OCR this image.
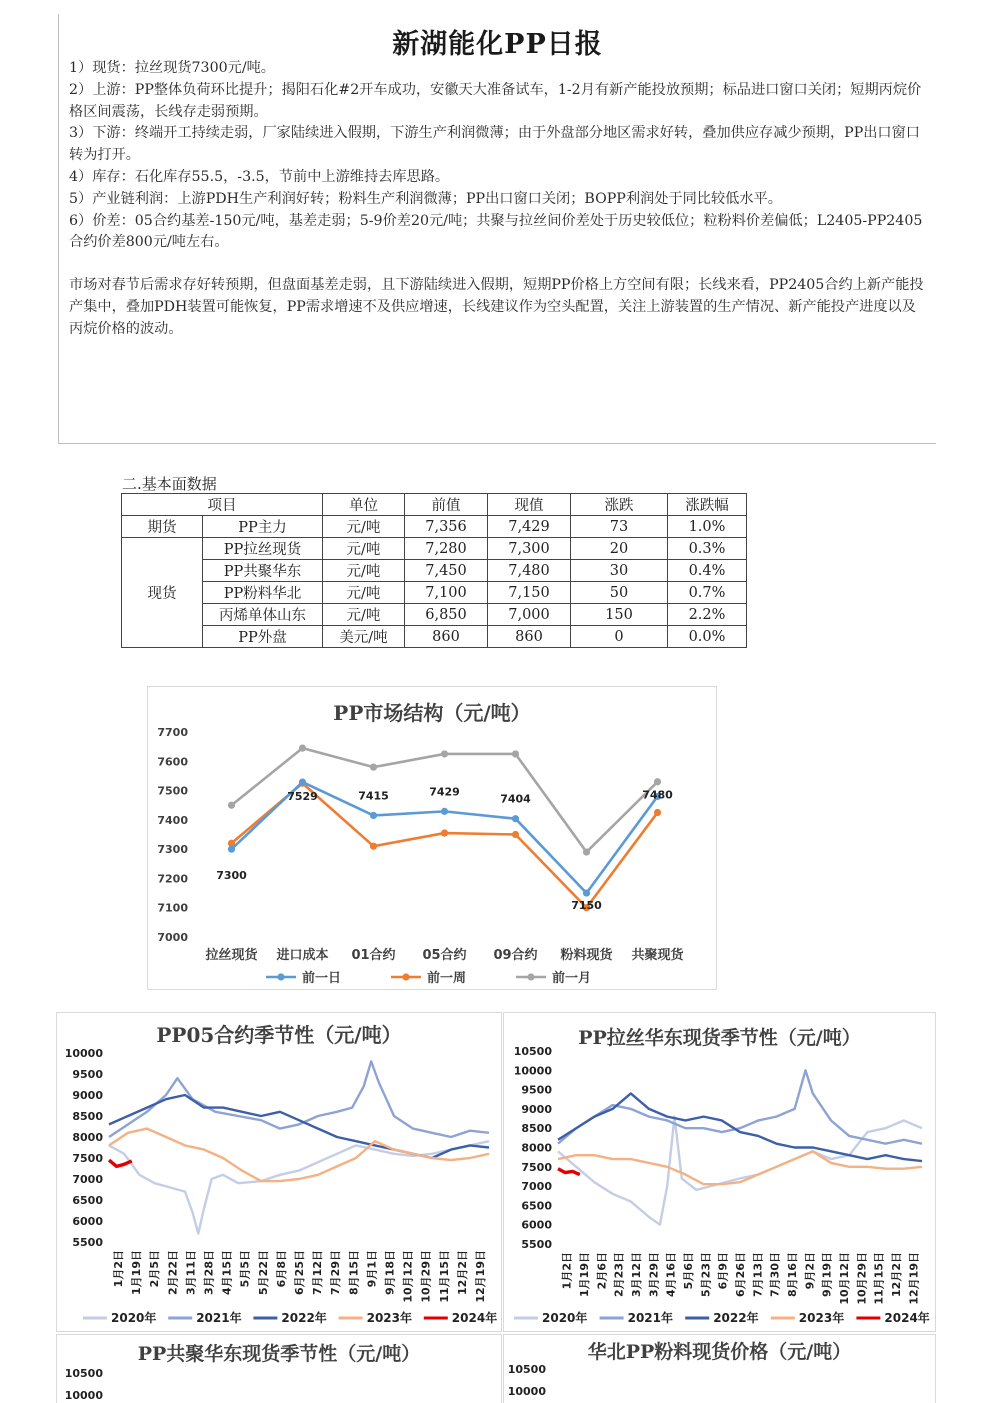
新湖能化PP日报

1）现货：拉丝现货7300元/吨。

2）上游：PP整体负荷环比提升；揭阳石化#2开车成功，安徽天大准备试车，1-2月有新产能投放预期；标品进口窗口关闭；短期丙烷价格区间震荡，长线存走弱预期。

3）下游：终端开工持续走弱，厂家陆续进入假期，下游生产利润微薄；由于外盘部分地区需求好转，叠加供应存减少预期，PP出口窗口转为打开。

4）库存：石化库存55.5，-3.5，节前中上游维持去库思路。

5）产业链利润：上游PDH生产利润好转；粉料生产利润微薄；PP出口窗口关闭；BOPP利润处于同比较低水平。

6）价差：05合约基差-150元/吨，基差走弱；5-9价差20元/吨；共聚与拉丝间价差处于历史较低位；粒粉料价差偏低；L2405-PP2405合约价差800元/吨左右。

市场对春节后需求存好转预期，但盘面基差走弱，且下游陆续进入假期，短期PP价格上方空间有限；长线来看，PP2405合约上新产能投产集中，叠加PDH装置可能恢复，PP需求增速不及供应增速，长线建议作为空头配置，关注上游装置的生产情况、新产能投产进度以及丙烷价格的波动。

二.基本面数据
项目		单位	前值	现值	涨跌	涨跌幅
期货	PP主力	元/吨	7,356	7,429	73	1.0%
现货	PP拉丝现货	元/吨	7,280	7,300	20	0.3%
	PP共聚华东	元/吨	7,450	7,480	30	0.4%
	PP粉料华北	元/吨	7,100	7,150	50	0.7%
	丙烯单体山东	元/吨	6,850	7,000	150	2.2%
	PP外盘	美元/吨	860	860	0	0.0%
PP市场结构（元/吨）
7000
7100
7200
7300
7400
7500
7600
7700
拉丝现货 进口成本 01合约 05合约 09合约 粉料现货 共聚现货
7300
7529	7415	7429
7404
7150
7480
前一日	前一周	前一月
PP05合约季节性（元/吨）
5500
6000
6500
7000
7500
8000
8500
9000
9500
10000
1月2日 1月19日 2月5日 2月22日 3月11日 3月28日 4月15日 5月5日 5月22日 6月8日 6月25日 7月12日 7月29日 8月15日 9月1日 9月18日 10月12日 10月29日 11月15日 12月2日 12月19日
2020年	2021年	2022年	2023年	2024年
PP拉丝华东现货季节性（元/吨）
5500
6000
6500
7000
7500
8000
8500
9000
9500
10000
10500
1月2日 1月19日 2月6日 2月23日 3月12日 3月29日 4月16日 5月6日 5月23日 6月9日 6月26日 7月13日 7月30日 8月16日 9月2日 9月19日 10月12日 10月29日 11月15日 12月2日 12月19日
2020年	2021年	2022年	2023年	2024年
PP共聚华东现货季节性（元/吨）
10000
10500
华北PP粉料现货价格（元/吨）
10000
10500
